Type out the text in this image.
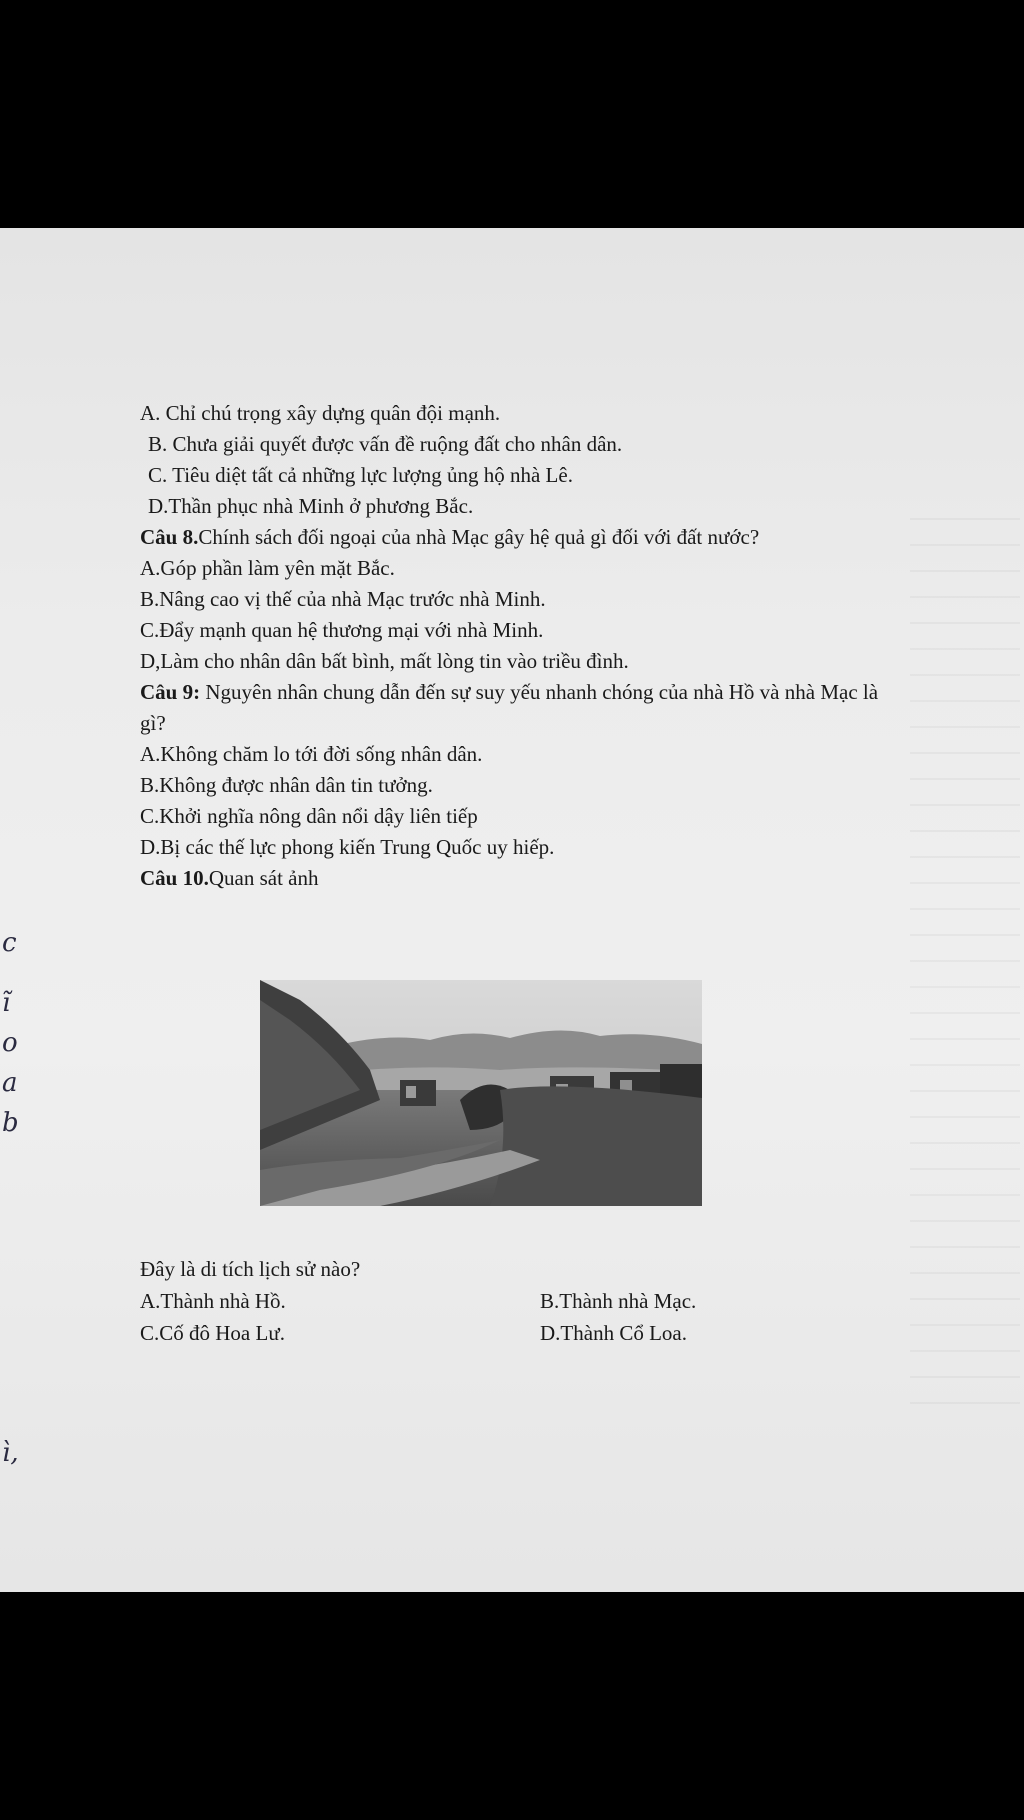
c
ĩ
o
a
b
ì,
A. Chỉ chú trọng xây dựng quân đội mạnh.
B. Chưa giải quyết được vấn đề ruộng đất cho nhân dân.
C. Tiêu diệt tất cả những lực lượng ủng hộ nhà Lê.
D.Thần phục nhà Minh ở phương Bắc.
Câu 8.Chính sách đối ngoại của nhà Mạc gây hệ quả gì đối với đất nước?
A.Góp phần làm yên mặt Bắc.
B.Nâng cao vị thế của nhà Mạc trước nhà Minh.
C.Đẩy mạnh quan hệ thương mại với nhà Minh.
D,Làm cho nhân dân bất bình, mất lòng tin vào triều đình.
Câu 9: Nguyên nhân chung dẫn đến sự suy yếu nhanh chóng của nhà Hồ và nhà Mạc là
gì?
A.Không chăm lo tới đời sống nhân dân.
B.Không được nhân dân tin tưởng.
C.Khởi nghĩa nông dân nổi dậy liên tiếp
D.Bị các thế lực phong kiến Trung Quốc uy hiếp.
Câu 10.Quan sát ảnh
Đây là di tích lịch sử nào?
A.Thành nhà Hồ.	B.Thành nhà Mạc.
C.Cố đô Hoa Lư.	D.Thành Cổ Loa.
